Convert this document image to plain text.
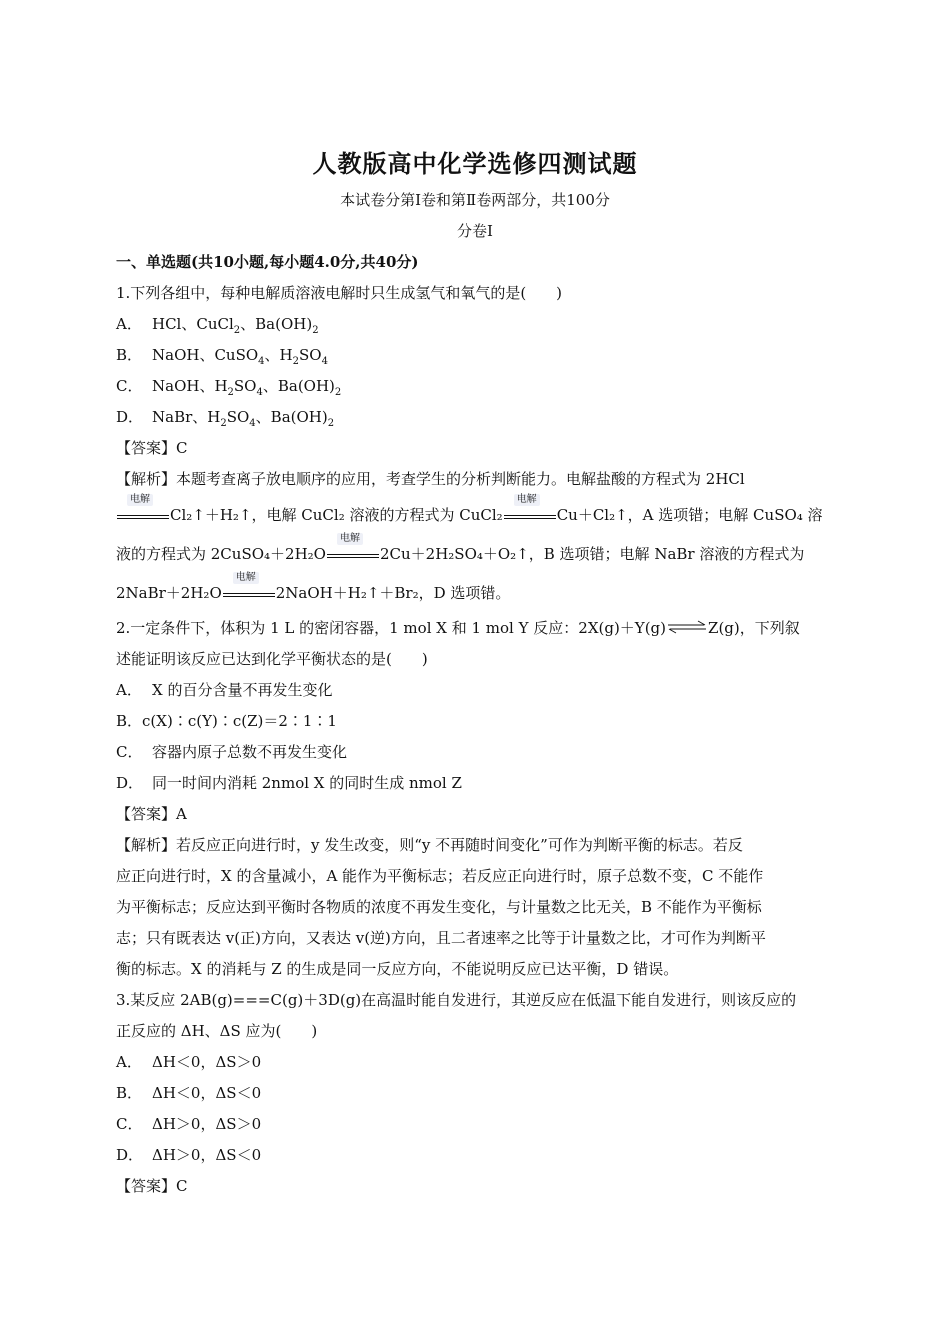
人教版高中化学选修四测试题
本试卷分第Ⅰ卷和第Ⅱ卷两部分，共100分
分卷I
一、单选题(共10小题,每小题4.0分,共40分)
1.下列各组中，每种电解质溶液电解时只生成氢气和氧气的是(　　)
A． HCl、CuCl$_2$、$Ba(OH)_2$
B． NaOH、CuSO$_4$、$H_2SO_4$
C． NaOH、$H_2SO_4$、$Ba(OH)_2$
D． NaBr、$H_2SO_4$、$Ba(OH)_2$
【答案】C
【解析】本题考查离子放电顺序的应用，考查学生的分析判断能力。电解盐酸的方程式为 2HCl
电解
Cl₂↑＋H₂↑，电解 CuCl₂ 溶液的方程式为 CuCl₂
电解
Cu＋Cl₂↑，A 选项错；电解 CuSO₄ 溶
液的方程式为 2CuSO₄＋2H₂O
电解
2Cu＋2H₂SO₄＋O₂↑，B 选项错；电解 NaBr 溶液的方程式为
2NaBr＋2H₂O
电解
2NaOH＋H₂↑＋Br₂，D 选项错。
2.一定条件下，体积为 1 L 的密闭容器，1 mol X 和 1 mol Y 反应：2X(g)＋Y(g)⇌Z(g)，下列叙
述能证明该反应已达到化学平衡状态的是(　　)
A． X 的百分含量不再发生变化
B．c(X)∶c(Y)∶c(Z)＝2∶1∶1
C． 容器内原子总数不再发生变化
D． 同一时间内消耗 2nmol X 的同时生成 nmol Z
【答案】A
【解析】若反应正向进行时，y 发生改变，则“y 不再随时间变化”可作为判断平衡的标志。若反
应正向进行时，X 的含量减小，A 能作为平衡标志；若反应正向进行时，原子总数不变，C 不能作
为平衡标志；反应达到平衡时各物质的浓度不再发生变化，与计量数之比无关，B 不能作为平衡标
志；只有既表达 v(正)方向，又表达 v(逆)方向，且二者速率之比等于计量数之比，才可作为判断平
衡的标志。X 的消耗与 Z 的生成是同一反应方向，不能说明反应已达平衡，D 错误。
3.某反应 2AB(g)===C(g)＋3D(g)在高温时能自发进行，其逆反应在低温下能自发进行，则该反应的
正反应的 ΔH、ΔS 应为(　　)
A． ΔH＜0，ΔS＞0
B． ΔH＜0，ΔS＜0
C． ΔH＞0，ΔS＞0
D． ΔH＞0，ΔS＜0
【答案】C
